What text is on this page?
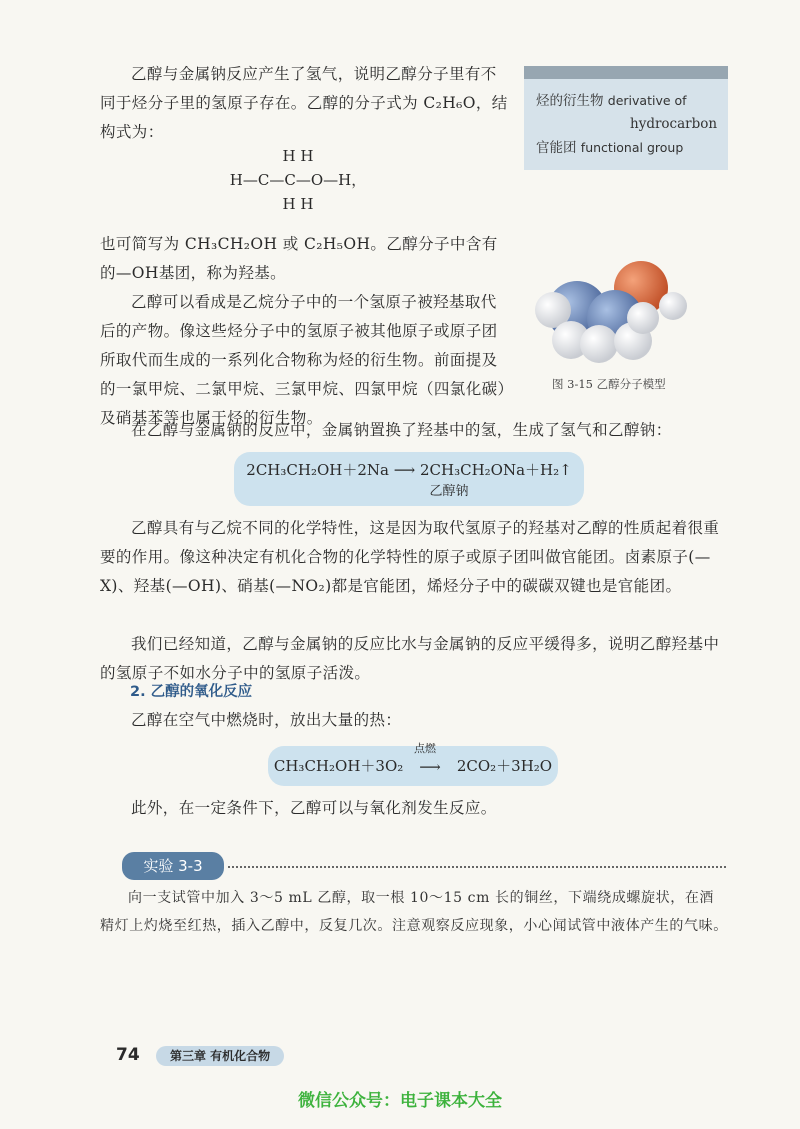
乙醇与金属钠反应产生了氢气，说明乙醇分子里有不同于烃分子里的氢原子存在。乙醇的分子式为 C₂H₆O，结构式为：

H H
H—C—C—O—H，
H H

也可简写为 CH₃CH₂OH 或 C₂H₅OH。乙醇分子中含有的—OH基团，称为羟基。

乙醇可以看成是乙烷分子中的一个氢原子被羟基取代后的产物。像这些烃分子中的氢原子被其他原子或原子团所取代而生成的一系列化合物称为烃的衍生物。前面提及的一氯甲烷、二氯甲烷、三氯甲烷、四氯甲烷（四氯化碳）及硝基苯等也属于烃的衍生物。

烃的衍生物 derivative of
hydrocarbon
官能团 functional group
图 3-15 乙醇分子模型

在乙醇与金属钠的反应中，金属钠置换了羟基中的氢，生成了氢气和乙醇钠：

2CH₃CH₂OH＋2Na ⟶ 2CH₃CH₂ONa＋H₂↑
乙醇钠

乙醇具有与乙烷不同的化学特性，这是因为取代氢原子的羟基对乙醇的性质起着很重要的作用。像这种决定有机化合物的化学特性的原子或原子团叫做官能团。卤素原子(—X)、羟基(—OH)、硝基(—NO₂)都是官能团，烯烃分子中的碳碳双键也是官能团。

我们已经知道，乙醇与金属钠的反应比水与金属钠的反应平缓得多，说明乙醇羟基中的氢原子不如水分子中的氢原子活泼。

2. 乙醇的氧化反应

乙醇在空气中燃烧时，放出大量的热：

CH₃CH₂OH＋3O₂
点燃
⟶	2CO₂＋3H₂O

此外，在一定条件下，乙醇可以与氧化剂发生反应。

实验 3-3

向一支试管中加入 3～5 mL 乙醇，取一根 10～15 cm 长的铜丝，下端绕成螺旋状，在酒精灯上灼烧至红热，插入乙醇中，反复几次。注意观察反应现象，小心闻试管中液体产生的气味。

74	第三章 有机化合物
微信公众号：电子课本大全
